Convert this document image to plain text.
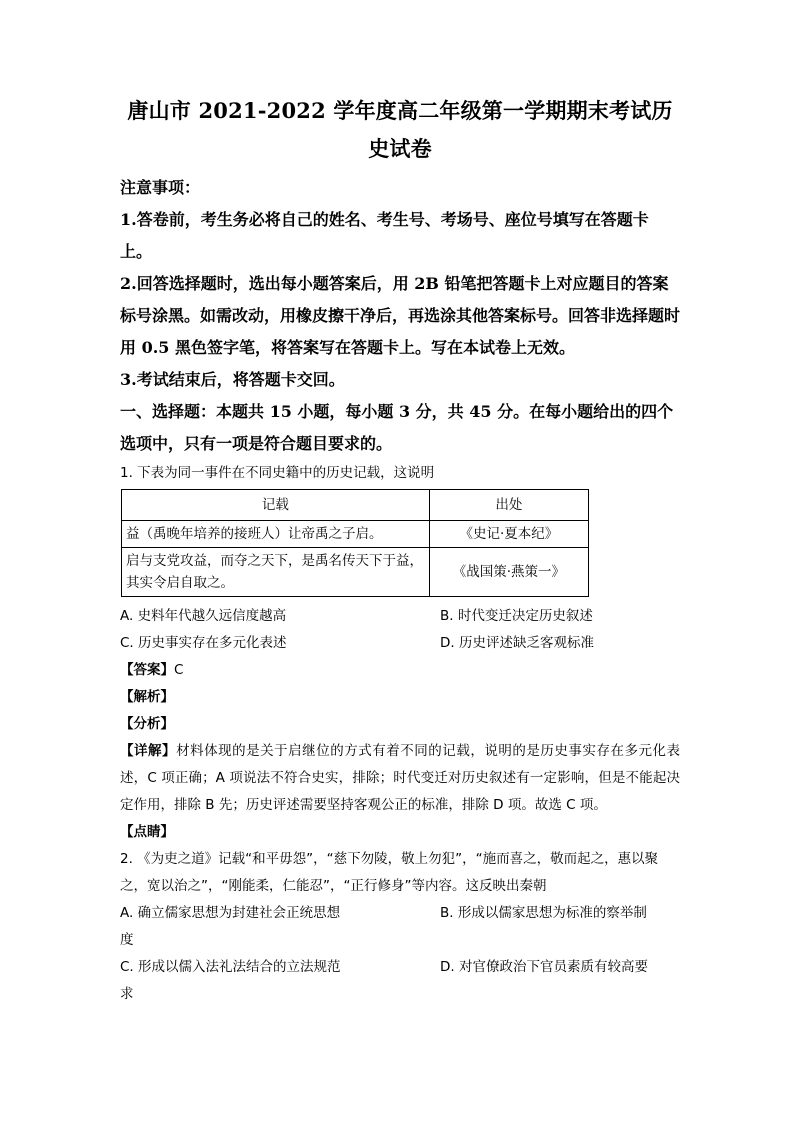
唐山市 2021-2022 学年度高二年级第一学期期末考试历史试卷

注意事项：

1.答卷前，考生务必将自己的姓名、考生号、考场号、座位号填写在答题卡上。

2.回答选择题时，选出每小题答案后，用 2B 铅笔把答题卡上对应题目的答案标号涂黑。如需改动，用橡皮擦干净后，再选涂其他答案标号。回答非选择题时用 0.5 黑色签字笔，将答案写在答题卡上。写在本试卷上无效。

3.考试结束后，将答题卡交回。

一、选择题：本题共 15 小题，每小题 3 分，共 45 分。在每小题给出的四个选项中，只有一项是符合题目要求的。

1. 下表为同一事件在不同史籍中的历史记载，这说明

记载	出处
益（禹晚年培养的接班人）让帝禹之子启。	《史记·夏本纪》
启与支党攻益，而夺之天下，是禹名传天下于益，其实令启自取之。	《战国策·燕策一》
A. 史料年代越久远信度越高	B. 时代变迁决定历史叙述
C. 历史事实存在多元化表述	D. 历史评述缺乏客观标准

【答案】C

【解析】

【分析】

【详解】材料体现的是关于启继位的方式有着不同的记载，说明的是历史事实存在多元化表述，C 项正确；A 项说法不符合史实，排除；时代变迁对历史叙述有一定影响，但是不能起决定作用，排除 B 先；历史评述需要坚持客观公正的标准，排除 D 项。故选 C 项。

【点睛】

2. 《为吏之道》记载“和平毋怨”，“慈下勿陵，敬上勿犯”，“施而喜之，敬而起之，惠以聚之，宽以治之”，“刚能柔，仁能忍”，“正行修身”等内容。这反映出秦朝

A. 确立儒家思想为封建社会正统思想	B. 形成以儒家思想为标准的察举制
度
C. 形成以儒入法礼法结合的立法规范	D. 对官僚政治下官员素质有较高要
求
